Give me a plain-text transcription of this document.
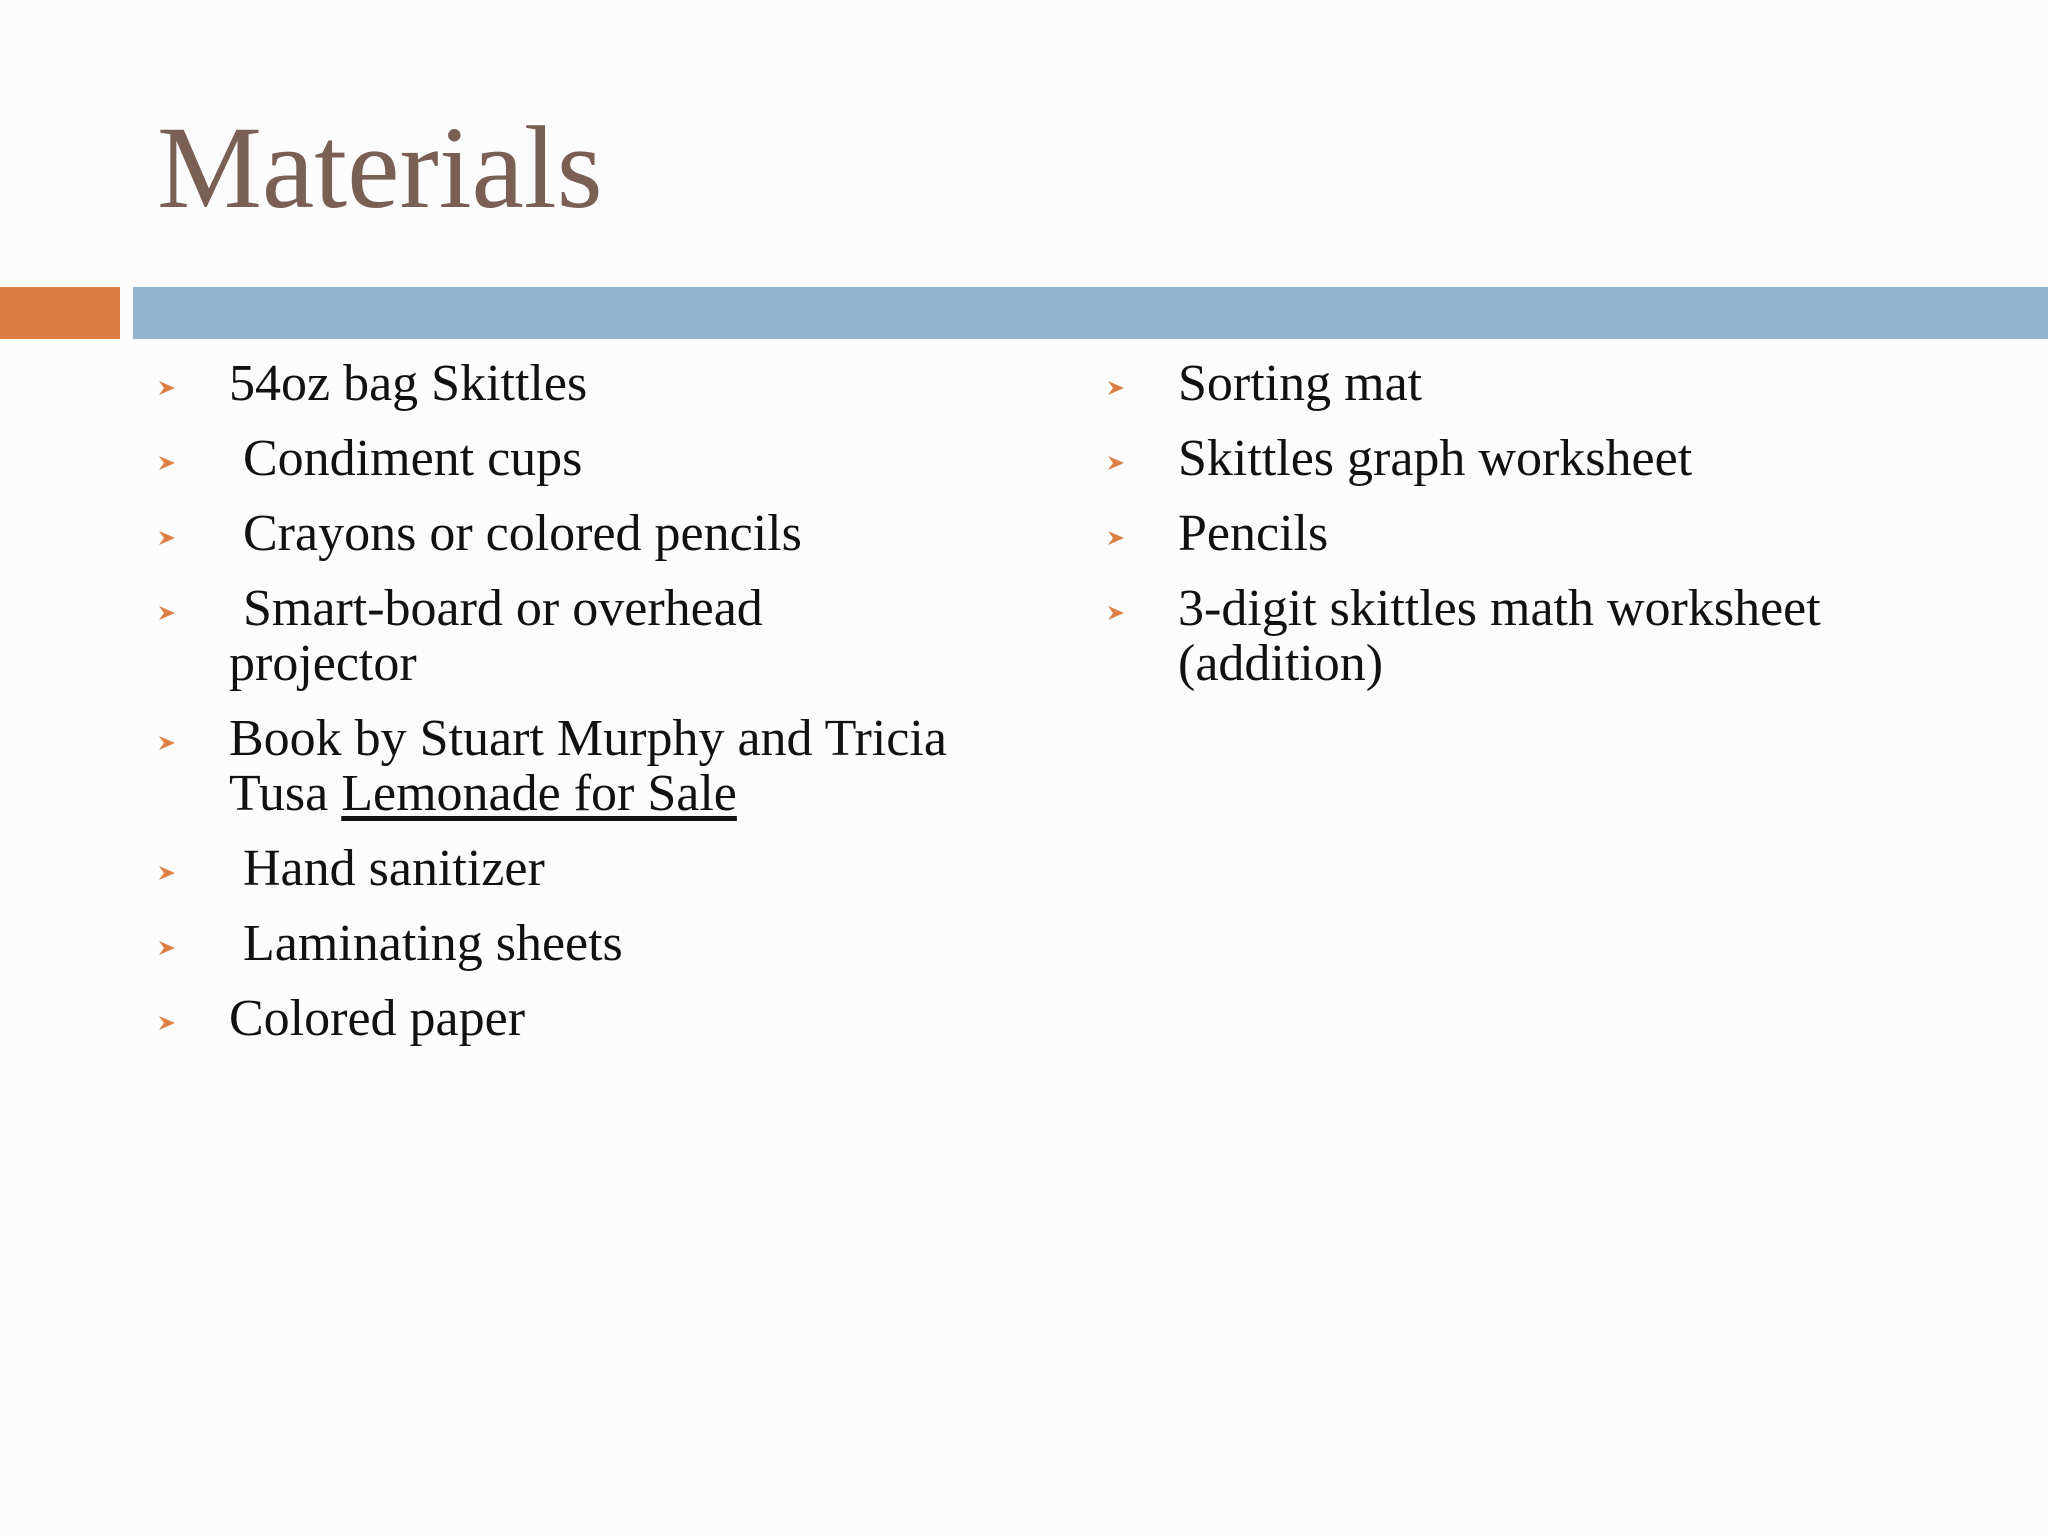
Materials
54oz bag Skittles
Condiment cups
Crayons or colored pencils
Smart-board or overhead projector
Book by Stuart Murphy and Tricia Tusa Lemonade for Sale
Hand sanitizer
Laminating sheets
Colored paper
Sorting mat
Skittles graph worksheet
Pencils
3-digit skittles math worksheet (addition)
